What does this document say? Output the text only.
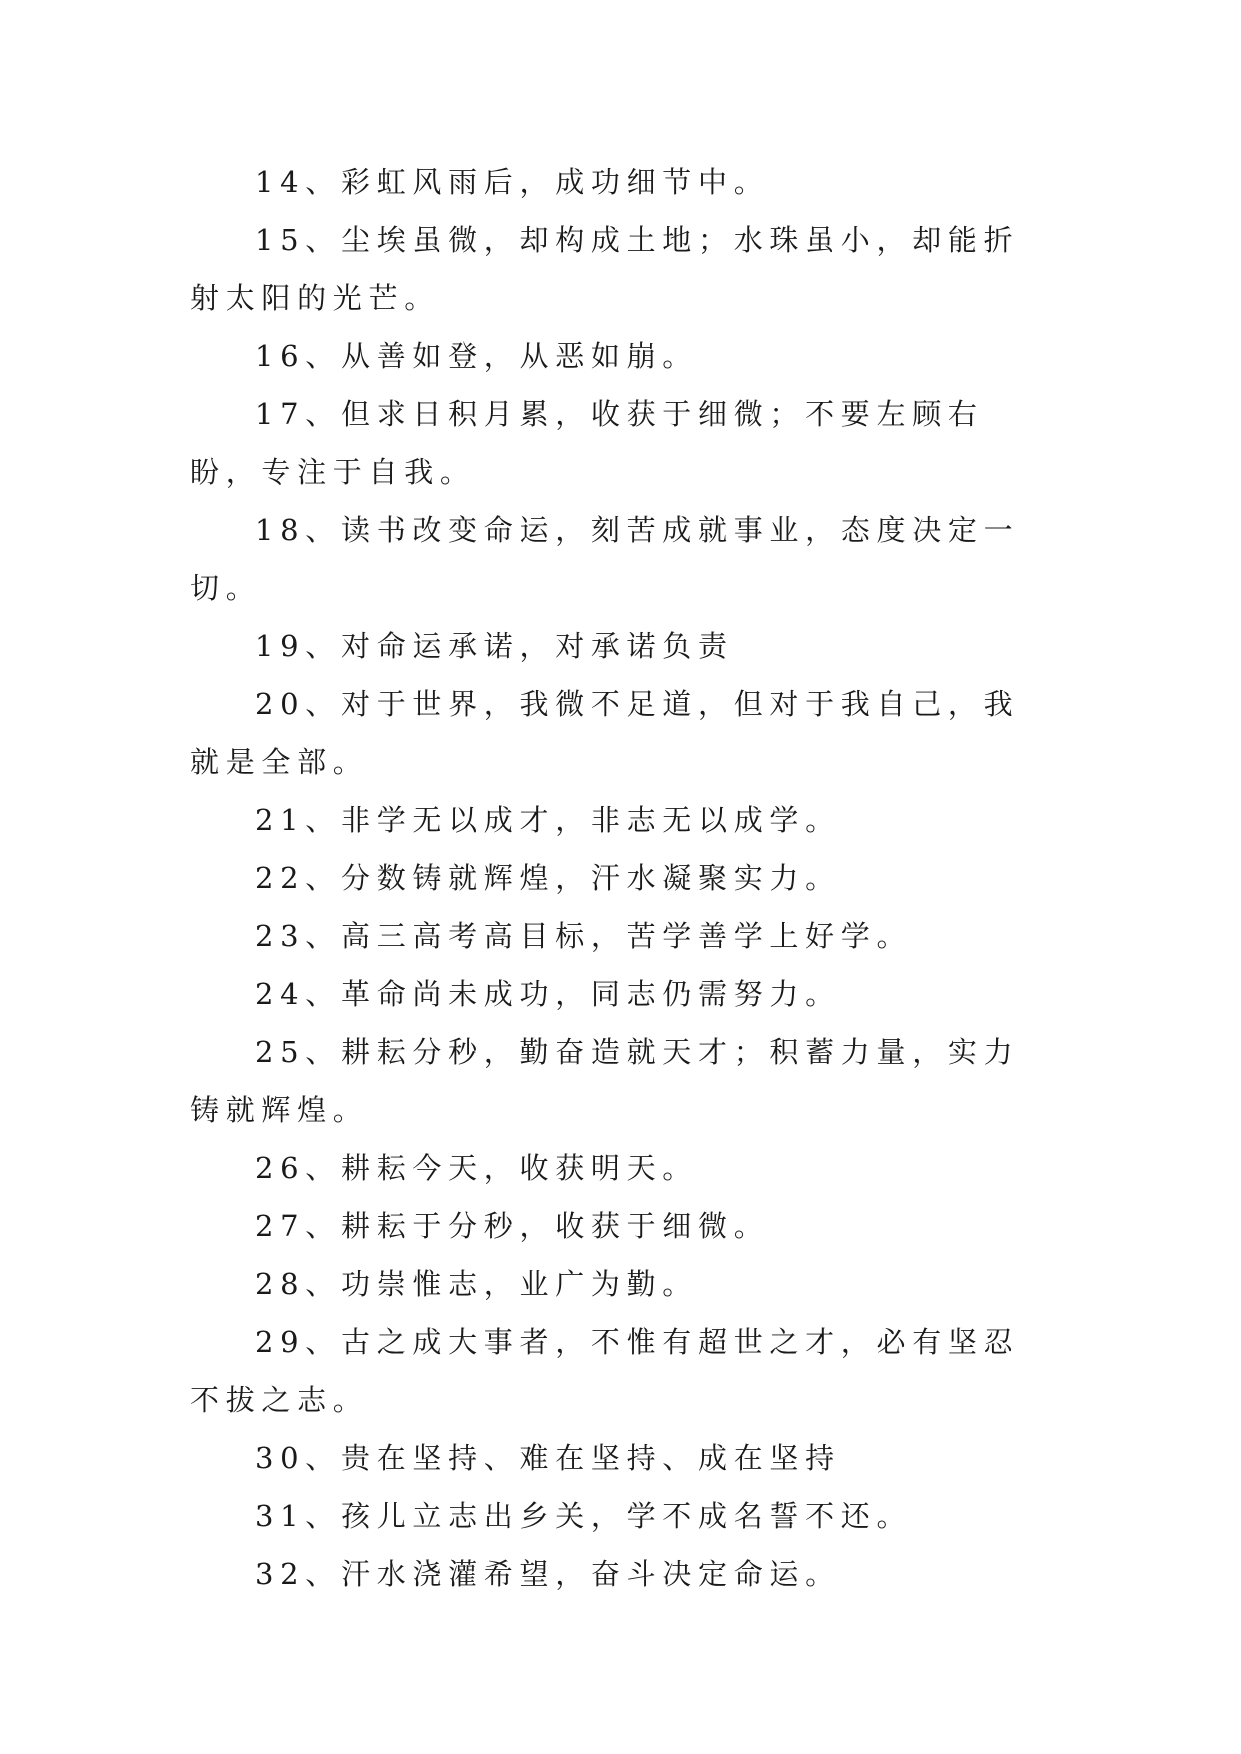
14、彩虹风雨后，成功细节中。

15、尘埃虽微，却构成土地；水珠虽小，却能折射太阳的光芒。

16、从善如登，从恶如崩。

17、但求日积月累，收获于细微；不要左顾右盼，专注于自我。

18、读书改变命运，刻苦成就事业，态度决定一切。

19、对命运承诺，对承诺负责

20、对于世界，我微不足道，但对于我自己，我就是全部。

21、非学无以成才，非志无以成学。

22、分数铸就辉煌，汗水凝聚实力。

23、高三高考高目标，苦学善学上好学。

24、革命尚未成功，同志仍需努力。

25、耕耘分秒，勤奋造就天才；积蓄力量，实力铸就辉煌。

26、耕耘今天，收获明天。

27、耕耘于分秒，收获于细微。

28、功崇惟志，业广为勤。

29、古之成大事者，不惟有超世之才，必有坚忍不拔之志。

30、贵在坚持、难在坚持、成在坚持

31、孩儿立志出乡关，学不成名誓不还。

32、汗水浇灌希望，奋斗决定命运。
